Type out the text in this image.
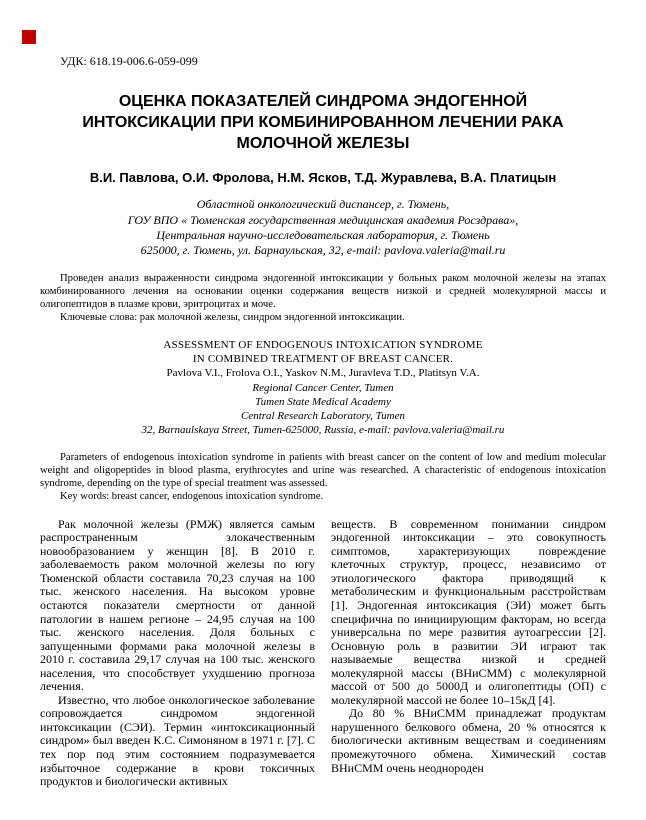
УДК: 618.19-006.6-059-099
ОЦЕНКА ПОКАЗАТЕЛЕЙ СИНДРОМА ЭНДОГЕННОЙ ИНТОКСИКАЦИИ ПРИ КОМБИНИРОВАННОМ ЛЕЧЕНИИ РАКА МОЛОЧНОЙ ЖЕЛЕЗЫ
В.И. Павлова, О.И. Фролова, Н.М. Ясков, Т.Д. Журавлева, В.А. Платицын
Областной онкологический диспансер, г. Тюмень,
ГОУ ВПО « Тюменская государственная медицинская академия Росздрава»,
Центральная научно-исследовательская лаборатория, г. Тюмень
625000, г. Тюмень, ул. Барнаульская, 32, e-mail: pavlova.valeria@mail.ru

Проведен анализ выраженности синдрома эндогенной интоксикации у больных раком молочной железы на этапах комбинированного лечения на основании оценки содержания веществ низкой и средней молекулярной массы и олигопептидов в плазме крови, эритроцитах и моче.

Ключевые слова: рак молочной железы, синдром эндогенной интоксикации.

ASSESSMENT OF ENDOGENOUS INTOXICATION SYNDROME
IN COMBINED TREATMENT OF BREAST CANCER.
Pavlova V.I., Frolova O.I., Yaskov N.M., Juravleva T.D., Platitsyn V.A.
Regional Cancer Center, Tumen
Tumen State Medical Academy
Central Research Laboratory, Tumen
32, Barnaulskaya Street, Tumen-625000, Russia, e-mail: pavlova.valeria@mail.ru

Parameters of endogenous intoxication syndrome in patients with breast cancer on the content of low and medium molecular weight and oligopeptides in blood plasma, erythrocytes and urine was researched. A characteristic of endogenous intoxication syndrome, depending on the type of special treatment was assessed.

Key words: breast cancer, endogenous intoxication syndrome.

Рак молочной железы (РМЖ) является самым распространенным злокачественным новообразованием у женщин [8]. В 2010 г. заболеваемость раком молочной железы по югу Тюменской области составила 70,23 случая на 100 тыс. женского населения. На высоком уровне остаются показатели смертности от данной патологии в нашем регионе – 24,95 случая на 100 тыс. женского населения. Доля больных с запущенными формами рака молочной железы в 2010 г. составила 29,17 случая на 100 тыс. женского населения, что способствует ухудшению прогноза лечения.

Известно, что любое онкологическое заболевание сопровождается синдромом эндогенной интоксикации (СЭИ). Термин «интоксикационный синдром» был введен К.С. Симоняном в 1971 г. [7]. С тех пор под этим состоянием подразумевается избыточное содержание в крови токсичных продуктов и биологически активных

веществ. В современном понимании синдром эндогенной интоксикации – это совокупность симптомов, характеризующих повреждение клеточных структур, процесс, независимо от этиологического фактора приводящий к метаболическим и функциональным расстройствам [1]. Эндогенная интоксикация (ЭИ) может быть специфична по инициирующим факторам, но всегда универсальна по мере развития аутоагрессии [2]. Основную роль в развитии ЭИ играют так называемые вещества низкой и средней молекулярной массы (ВНиСММ) с молекулярной массой от 500 до 5000Д и олигопептиды (ОП) с молекулярной массой не более 10–15кД [4].

До 80 % ВНиСММ принадлежат продуктам нарушенного белкового обмена, 20 % относятся к биологически активным веществам и соединениям промежуточного обмена. Химический состав ВНиСММ очень неоднороден
